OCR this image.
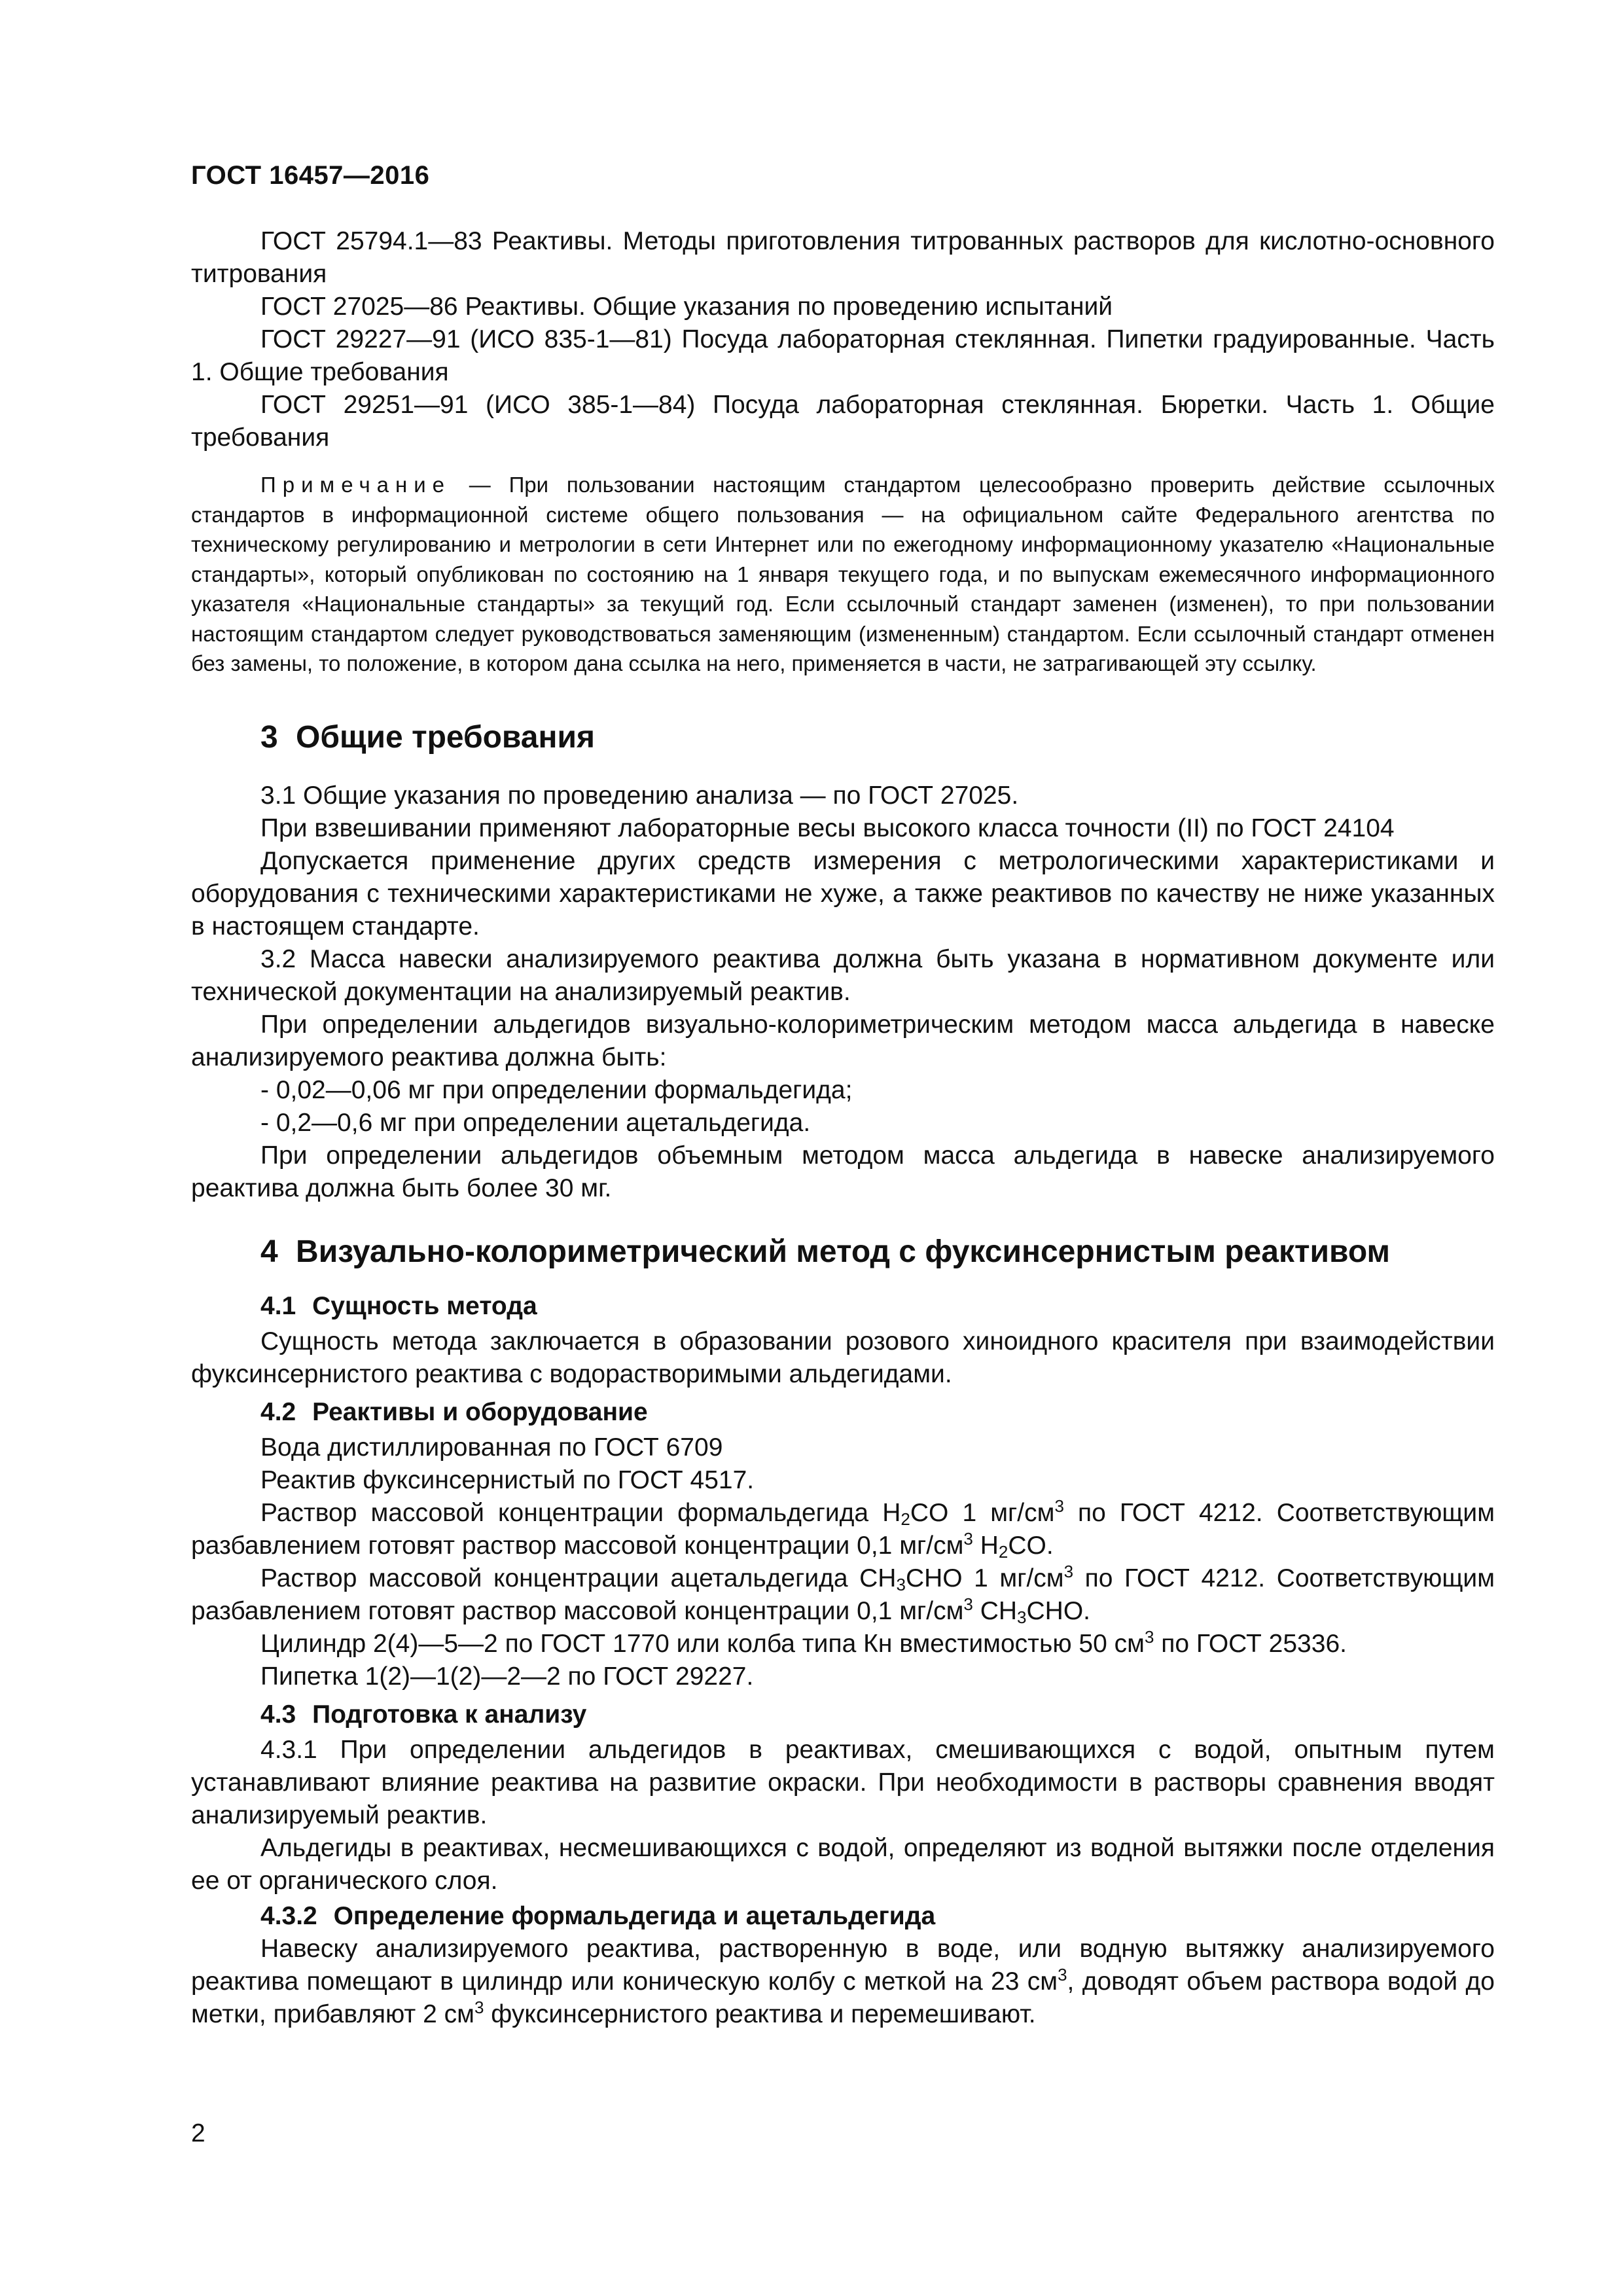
ГОСТ 16457—2016

ГОСТ 25794.1—83 Реактивы. Методы приготовления титрованных растворов для кислотно-основного титрования

ГОСТ 27025—86 Реактивы. Общие указания по проведению испытаний

ГОСТ 29227—91 (ИСО 835-1—81) Посуда лабораторная стеклянная. Пипетки градуированные. Часть 1. Общие требования

ГОСТ 29251—91 (ИСО 385-1—84) Посуда лабораторная стеклянная. Бюретки. Часть 1. Общие требования

Примечание — При пользовании настоящим стандартом целесообразно проверить действие ссылочных стандартов в информационной системе общего пользования — на официальном сайте Федерального агентства по техническому регулированию и метрологии в сети Интернет или по ежегодному информационному указателю «Национальные стандарты», который опубликован по состоянию на 1 января текущего года, и по выпускам ежемесячного информационного указателя «Национальные стандарты» за текущий год. Если ссылочный стандарт заменен (изменен), то при пользовании настоящим стандартом следует руководствоваться заменяющим (измененным) стандартом. Если ссылочный стандарт отменен без замены, то положение, в котором дана ссылка на него, применяется в части, не затрагивающей эту ссылку.

3 Общие требования

3.1 Общие указания по проведению анализа — по ГОСТ 27025.

При взвешивании применяют лабораторные весы высокого класса точности (II) по ГОСТ 24104

Допускается применение других средств измерения с метрологическими характеристиками и оборудования с техническими характеристиками не хуже, а также реактивов по качеству не ниже указанных в настоящем стандарте.

3.2 Масса навески анализируемого реактива должна быть указана в нормативном документе или технической документации на анализируемый реактив.

При определении альдегидов визуально-колориметрическим методом масса альдегида в навеске анализируемого реактива должна быть:

- 0,02—0,06 мг при определении формальдегида;

- 0,2—0,6 мг при определении ацетальдегида.

При определении альдегидов объемным методом масса альдегида в навеске анализируемого реактива должна быть более 30 мг.

4 Визуально-колориметрический метод с фуксинсернистым реактивом
4.1 Сущность метода

Сущность метода заключается в образовании розового хиноидного красителя при взаимодействии фуксинсернистого реактива с водорастворимыми альдегидами.

4.2 Реактивы и оборудование

Вода дистиллированная по ГОСТ 6709

Реактив фуксинсернистый по ГОСТ 4517.

Раствор массовой концентрации формальдегида $H_2CO$ 1 $мг/см^3$ по ГОСТ 4212. Соответствующим разбавлением готовят раствор массовой концентрации 0,1 $мг/см^3$ $H_2CO$.

Раствор массовой концентрации ацетальдегида $CH_3CHO$ 1 $мг/см^3$ по ГОСТ 4212. Соответствующим разбавлением готовят раствор массовой концентрации 0,1 $мг/см^3$ $CH_3CHO$.

Цилиндр 2(4)—5—2 по ГОСТ 1770 или колба типа Кн вместимостью 50 $см^3$ по ГОСТ 25336.

Пипетка 1(2)—1(2)—2—2 по ГОСТ 29227.

4.3 Подготовка к анализу

4.3.1 При определении альдегидов в реактивах, смешивающихся с водой, опытным путем устанавливают влияние реактива на развитие окраски. При необходимости в растворы сравнения вводят анализируемый реактив.

Альдегиды в реактивах, несмешивающихся с водой, определяют из водной вытяжки после отделения ее от органического слоя.

4.3.2 Определение формальдегида и ацетальдегида

Навеску анализируемого реактива, растворенную в воде, или водную вытяжку анализируемого реактива помещают в цилиндр или коническую колбу с меткой на 23 $см^3$, доводят объем раствора водой до метки, прибавляют 2 $см^3$ фуксинсернистого реактива и перемешивают.

2
